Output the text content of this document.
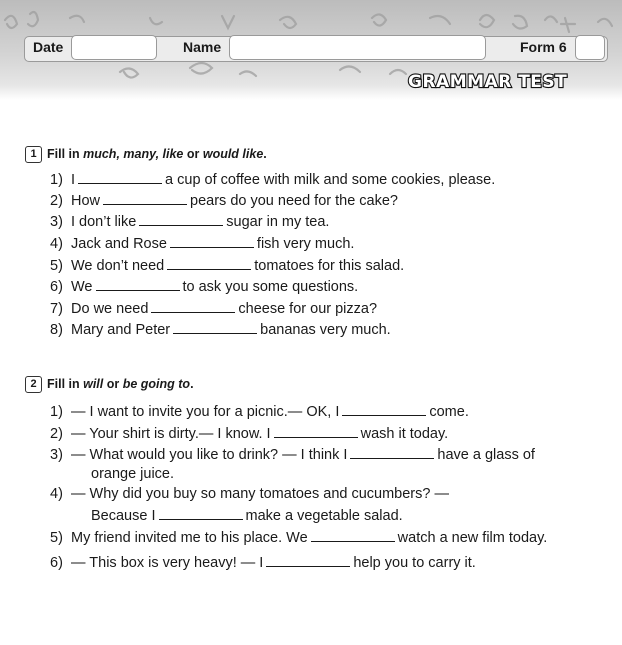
Date	Name	Form 6
GRAMMAR TEST
1 Fill in much, many, like or would like.
1) I	a cup of coffee with milk and some cookies, please.
2) How	pears do you need for the cake?
3) I don’t like	sugar in my tea.
4) Jack and Rose	fish very much.
5) We don’t need	tomatoes for this salad.
6) We	to ask you some questions.
7) Do we need	cheese for our pizza?
8) Mary and Peter	bananas very much.
2 Fill in will or be going to.
1) — I want to invite you for a picnic.— OK, I	come.
2) — Your shirt is dirty.— I know. I	wash it today.
3) — What would you like to drink? — I think I	have a glass of
orange juice.
4) — Why did you buy so many tomatoes and cucumbers? —
Because I	make a vegetable salad.
5) My friend invited me to his place. We	watch a new film today.
6) — This box is very heavy! — I	help you to carry it.
